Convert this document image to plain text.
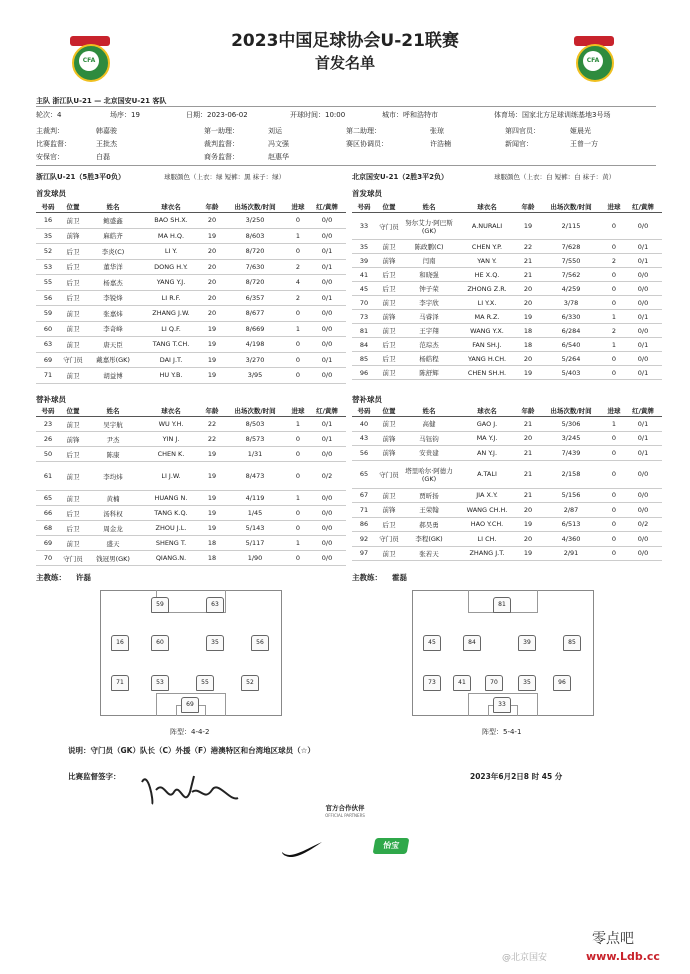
CFA	CFA
2023中国足球协会U-21联赛
首发名单
主队 浙江队U-21 — 北京国安U-21 客队
轮次：4	场序：19	日期：2023-06-02	开球时间：10:00	城市：呼和浩特市	体育场：国家北方足球训练基地3号场
主裁判：	韩嘉骏	第一助理：	刘运	第二助理：	张琼	第四官员：	姬晨光
比赛监督：	王批杰	裁判监督：	冯文强	赛区协调员：	许浩楠	新闻官：	王曾一方
安保官：	白磊	商务监督：	赵惠华
浙江队U-21（5胜3平0负）	球服颜色（上衣：绿 短裤：黑 袜子：绿）	北京国安U-21（2胜3平2负）	球服颜色（上衣：白 短裤：白 袜子：黄）
首发球员	首发球员
号码	位置	姓名	球衣名	年龄	出场次数/时间	进球	红/黄牌
16	前卫	鲍盛鑫	BAO SH.X.	20	3/250	0	0/0
35	前锋	麻皓齐	MA H.Q.	19	8/603	1	0/0
52	后卫	李炎(C)	LI Y.	20	8/720	0	0/1
53	后卫	董华洋	DONG H.Y.	20	7/630	2	0/1
55	后卫	杨嘉杰	YANG Y.J.	20	8/720	4	0/0
56	后卫	李锐烽	LI R.F.	20	6/357	2	0/1
59	前卫	张嘉炜	ZHANG J.W.	20	8/677	0	0/0
60	前卫	李奇峰	LI Q.F.	19	8/669	1	0/0
63	前卫	唐天臣	TANG T.CH.	19	4/198	0	0/0
69	守门员	戴嘉彤(GK)	DAI J.T.	19	3/270	0	0/1
71	前卫	胡益博	HU Y.B.	19	3/95	0	0/0
号码	位置	姓名	球衣名	年龄	出场次数/时间	进球	红/黄牌
33	守门员	努尔艾力·阿巴斯(GK)	A.NURALI	19	2/115	0	0/0
35	前卫	陈政鹏(C)	CHEN Y.P.	22	7/628	0	0/1
39	前锋	闫南	YAN Y.	21	7/550	2	0/1
41	后卫	和晓强	HE X.Q.	21	7/562	0	0/0
45	后卫	钟子荣	ZHONG Z.R.	20	4/259	0	0/0
70	前卫	李宇欣	LI Y.X.	20	3/78	0	0/0
73	前锋	马睿泽	MA R.Z.	19	6/330	1	0/1
81	前卫	王宇翔	WANG Y.X.	18	6/284	2	0/0
84	后卫	范琮杰	FAN SH.J.	18	6/540	1	0/1
85	后卫	杨皓程	YANG H.CH.	20	5/264	0	0/0
96	前卫	陈舒辉	CHEN SH.H.	19	5/403	0	0/1
替补球员	替补球员
号码	位置	姓名	球衣名	年龄	出场次数/时间	进球	红/黄牌
23	前卫	吴宇航	WU Y.H.	22	8/503	1	0/1
26	前锋	尹杰	YIN J.	22	8/573	0	0/1
50	后卫	陈康	CHEN K.	19	1/31	0	0/0
61	前卫	李均炜	LI J.W.	19	8/473	0	0/2
65	前卫	黄楠	HUANG N.	19	4/119	1	0/0
66	后卫	汤科权	TANG K.Q.	19	1/45	0	0/0
68	后卫	周金龙	ZHOU J.L.	19	5/143	0	0/0
69	前卫	盛天	SHENG T.	18	5/117	1	0/0
70	守门员	钱冠男(GK)	QIANG.N.	18	1/90	0	0/0
号码	位置	姓名	球衣名	年龄	出场次数/时间	进球	红/黄牌
40	前卫	高健	GAO J.	21	5/306	1	0/1
43	前锋	马钰钧	MA Y.J.	20	3/245	0	0/1
56	前锋	安贵建	AN Y.J.	21	7/439	0	0/1
65	守门员	塔里哈尔·阿德力(GK)	A.TALI	21	2/158	0	0/0
67	前卫	贾昕扬	JIA X.Y.	21	5/156	0	0/0
71	前锋	王荣翰	WANG CH.H.	20	2/87	0	0/0
86	后卫	郝昊勇	HAO Y.CH.	19	6/513	0	0/2
92	守门员	李程(GK)	LI CH.	20	4/360	0	0/0
97	前卫	张若天	ZHANG J.T.	19	2/91	0	0/0
主教练： 许磊	主教练： 霍磊
59	63
16	60	35	56
71	53	55	52
69
阵型：4-4-2
81
45	84	39	85
73	41	70	35	96
33
阵型：5-4-1
说明：守门员（GK）队长（C）外援（F）港澳特区和台湾地区球员（☆）
比赛监督签字：	2023年6月2日8 时 45 分
官方合作伙伴
OFFICIAL PARTNERS
怡宝
零点吧
www.Ldb.cc
@北京国安
